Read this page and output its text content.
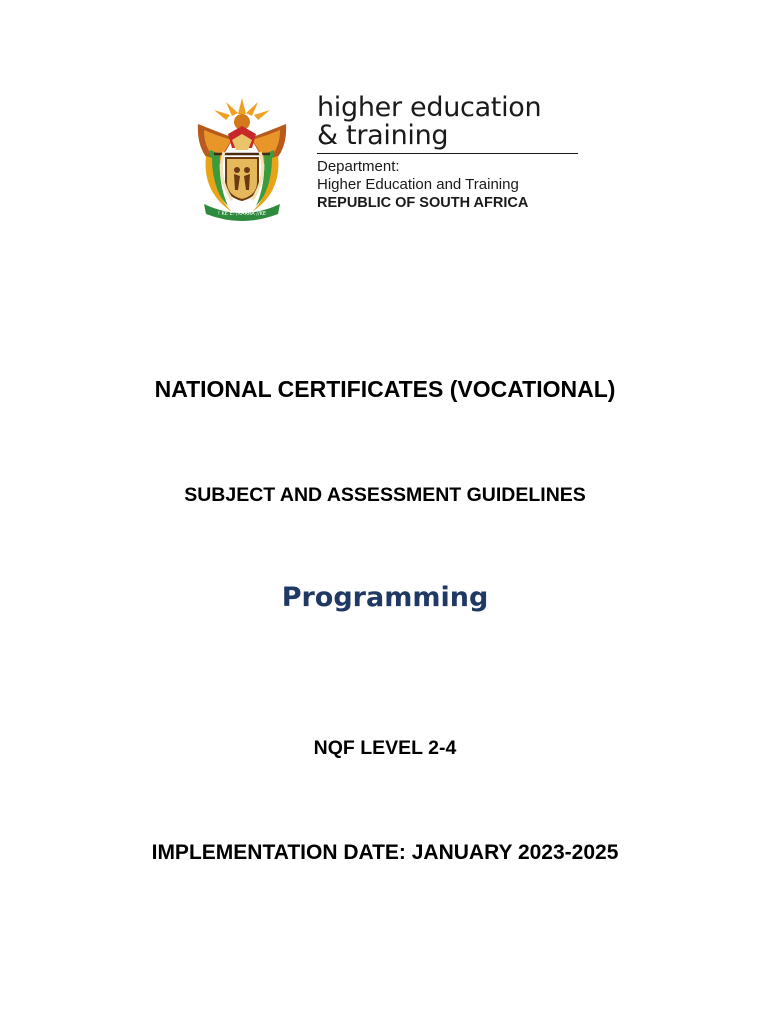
! KE E: /XARRA //KE
higher education
& training
Department:
Higher Education and Training
REPUBLIC OF SOUTH AFRICA
NATIONAL CERTIFICATES (VOCATIONAL)
SUBJECT AND ASSESSMENT GUIDELINES
Programming
NQF LEVEL 2-4
IMPLEMENTATION DATE: JANUARY 2023-2025
